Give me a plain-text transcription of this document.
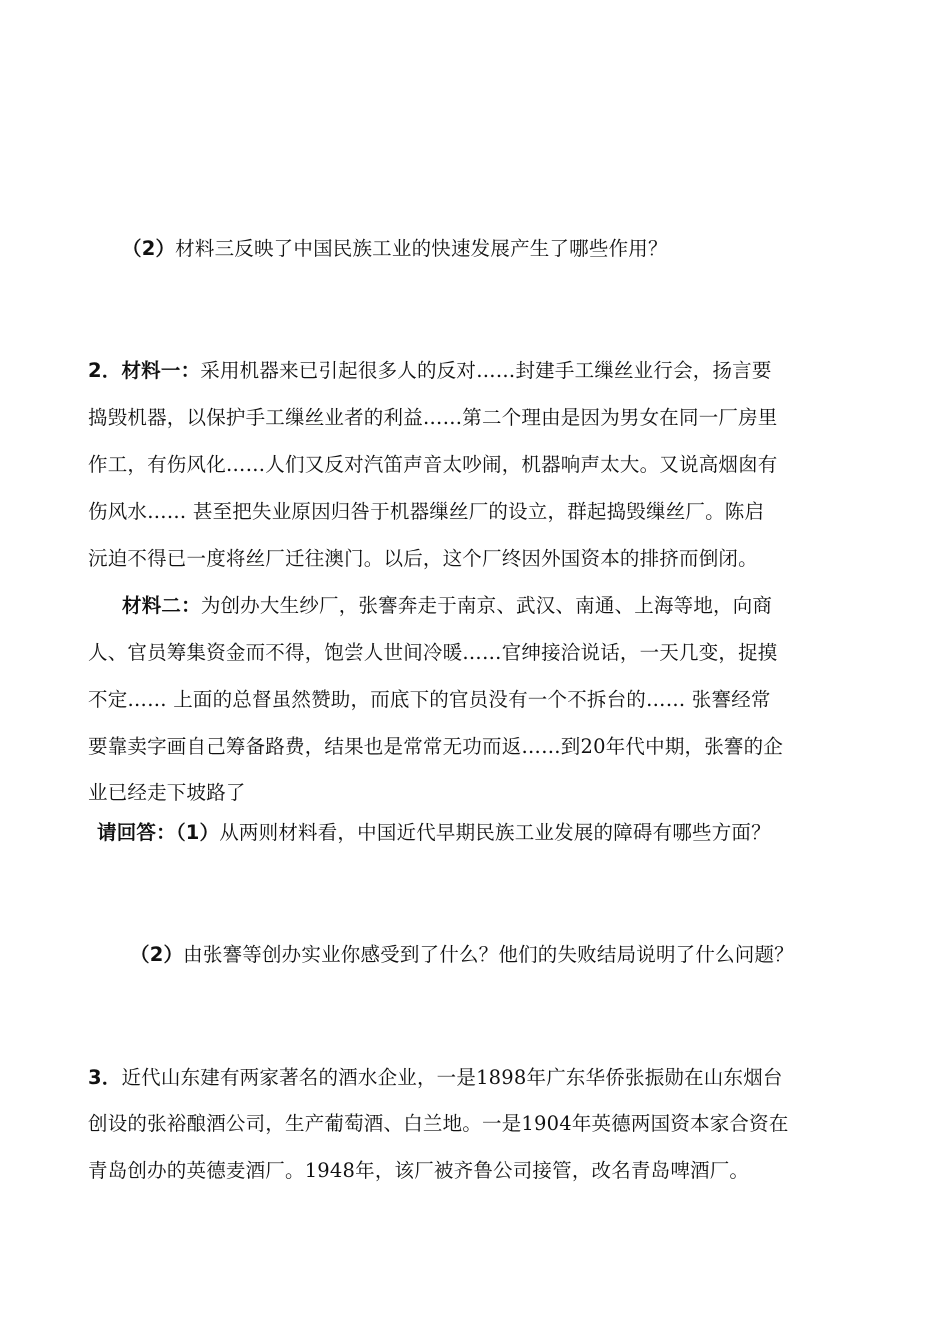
（2）材料三反映了中国民族工业的快速发展产生了哪些作用？
2．材料一：采用机器来已引起很多人的反对……封建手工缫丝业行会，扬言要
捣毁机器，以保护手工缫丝业者的利益……第二个理由是因为男女在同一厂房里
作工，有伤风化……人们又反对汽笛声音太吵闹，机器响声太大。又说高烟囱有
伤风水…… 甚至把失业原因归咎于机器缫丝厂的设立，群起捣毁缫丝厂。陈启
沅迫不得已一度将丝厂迁往澳门。以后，这个厂终因外国资本的排挤而倒闭。
材料二：为创办大生纱厂，张謇奔走于南京、武汉、南通、上海等地，向商
人、官员筹集资金而不得，饱尝人世间冷暖……官绅接洽说话，一天几变，捉摸
不定…… 上面的总督虽然赞助，而底下的官员没有一个不拆台的…… 张謇经常
要靠卖字画自己筹备路费，结果也是常常无功而返……到20年代中期，张謇的企
业已经走下坡路了
请回答：（1）从两则材料看，中国近代早期民族工业发展的障碍有哪些方面？
（2）由张謇等创办实业你感受到了什么？他们的失败结局说明了什么问题？
3．近代山东建有两家著名的酒水企业，一是1898年广东华侨张振勋在山东烟台
创设的张裕酿酒公司，生产葡萄酒、白兰地。一是1904年英德两国资本家合资在
青岛创办的英德麦酒厂。1948年，该厂被齐鲁公司接管，改名青岛啤酒厂。
